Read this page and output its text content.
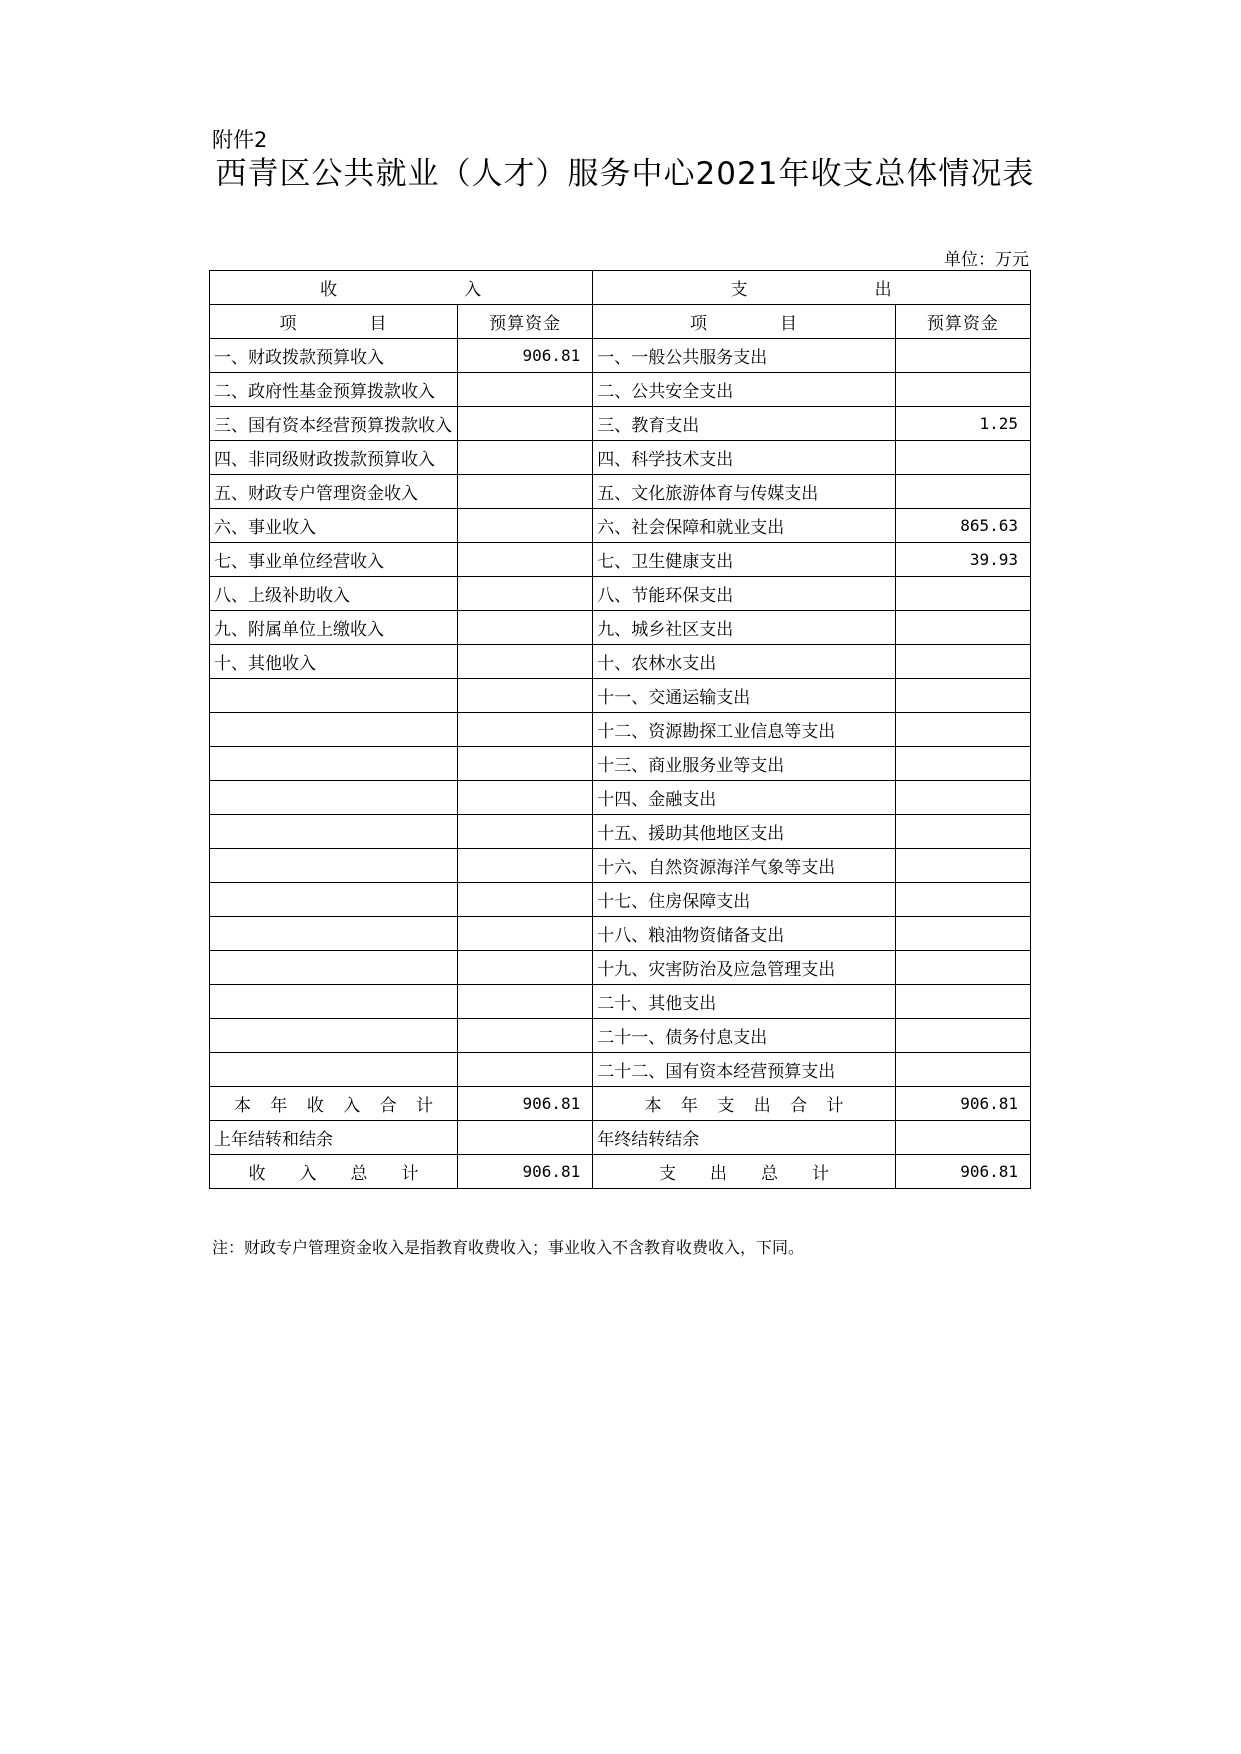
附件2
西青区公共就业（人才）服务中心2021年收支总体情况表
单位：万元
收　　　　　　　入		支　　　　　　　出	
项　　　　目	预算资金	项　　　　目	预算资金
一、财政拨款预算收入	906.81	一、一般公共服务支出	
二、政府性基金预算拨款收入		二、公共安全支出	
三、国有资本经营预算拨款收入		三、教育支出	1.25
四、非同级财政拨款预算收入		四、科学技术支出	
五、财政专户管理资金收入		五、文化旅游体育与传媒支出	
六、事业收入		六、社会保障和就业支出	865.63
七、事业单位经营收入		七、卫生健康支出	39.93
八、上级补助收入		八、节能环保支出	
九、附属单位上缴收入		九、城乡社区支出	
十、其他收入		十、农林水支出	
		十一、交通运输支出	
		十二、资源勘探工业信息等支出	
		十三、商业服务业等支出	
		十四、金融支出	
		十五、援助其他地区支出	
		十六、自然资源海洋气象等支出	
		十七、住房保障支出	
		十八、粮油物资储备支出	
		十九、灾害防治及应急管理支出	
		二十、其他支出	
		二十一、债务付息支出	
		二十二、国有资本经营预算支出	
本 年 收 入 合 计	906.81	本 年 支 出 合 计	906.81
上年结转和结余		年终结转结余	
收　　入　　总　　计	906.81	支　　出　　总　　计	906.81
注：财政专户管理资金收入是指教育收费收入；事业收入不含教育收费收入，下同。
